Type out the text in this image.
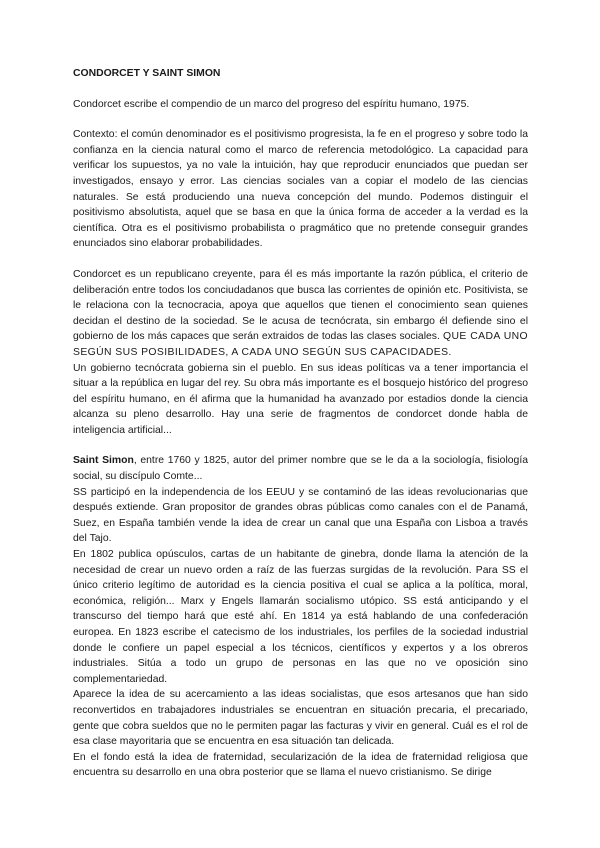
CONDORCET Y SAINT SIMON

Condorcet escribe el compendio de un marco del progreso del espíritu humano, 1975.

Contexto: el común denominador es el positivismo progresista, la fe en el progreso y sobre todo la confianza en la ciencia natural como el marco de referencia metodológico. La capacidad para verificar los supuestos, ya no vale la intuición, hay que reproducir enunciados que puedan ser investigados, ensayo y error. Las ciencias sociales van a copiar el modelo de las ciencias naturales. Se está produciendo una nueva concepción del mundo. Podemos distinguir el positivismo absolutista, aquel que se basa en que la única forma de acceder a la verdad es la científica. Otra es el positivismo probabilista o pragmático que no pretende conseguir grandes enunciados sino elaborar probabilidades.

Condorcet es un republicano creyente, para él es más importante la razón pública, el criterio de deliberación entre todos los conciudadanos que busca las corrientes de opinión etc. Positivista, se le relaciona con la tecnocracia, apoya que aquellos que tienen el conocimiento sean quienes decidan el destino de la sociedad. Se le acusa de tecnócrata, sin embargo él defiende sino el gobierno de los más capaces que serán extraidos de todas las clases sociales. QUE CADA UNO SEGÚN SUS POSIBILIDADES, A CADA UNO SEGÚN SUS CAPACIDADES.

Un gobierno tecnócrata gobierna sin el pueblo. En sus ideas políticas va a tener importancia el situar a la república en lugar del rey. Su obra más importante es el bosquejo histórico del progreso del espíritu humano, en él afirma que la humanidad ha avanzado por estadios donde la ciencia alcanza su pleno desarrollo. Hay una serie de fragmentos de condorcet donde habla de inteligencia artificial...

Saint Simon, entre 1760 y 1825, autor del primer nombre que se le da a la sociología, fisiología social, su discípulo Comte...

SS participó en la independencia de los EEUU y se contaminó de las ideas revolucionarias que después extiende. Gran propositor de grandes obras públicas como canales con el de Panamá, Suez, en España también vende la idea de crear un canal que una España con Lisboa a través del Tajo.

En 1802 publica opúsculos, cartas de un habitante de ginebra, donde llama la atención de la necesidad de crear un nuevo orden a raíz de las fuerzas surgidas de la revolución. Para SS el único criterio legítimo de autoridad es la ciencia positiva el cual se aplica a la política, moral, económica, religión... Marx y Engels llamarán socialismo utópico. SS está anticipando y el transcurso del tiempo hará que esté ahí. En 1814 ya está hablando de una confederación europea. En 1823 escribe el catecismo de los industriales, los perfiles de la sociedad industrial donde le confiere un papel especial a los técnicos, científicos y expertos y a los obreros industriales. Sitúa a todo un grupo de personas en las que no ve oposición sino complementariedad.

Aparece la idea de su acercamiento a las ideas socialistas, que esos artesanos que han sido reconvertidos en trabajadores industriales se encuentran en situación precaria, el precariado, gente que cobra sueldos que no le permiten pagar las facturas y vivir en general. Cuál es el rol de esa clase mayoritaria que se encuentra en esa situación tan delicada.

En el fondo está la idea de fraternidad, secularización de la idea de fraternidad religiosa que encuentra su desarrollo en una obra posterior que se llama el nuevo cristianismo. Se dirige
